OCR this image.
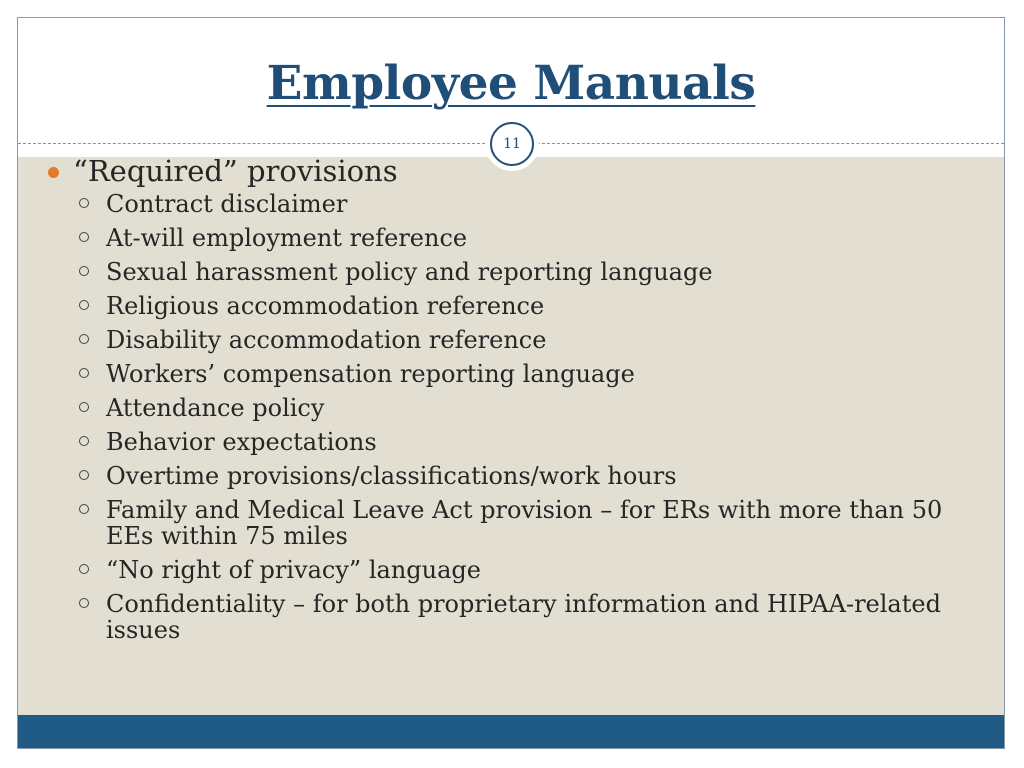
Employee Manuals
11
“Required” provisions
Contract disclaimer
At-will employment reference
Sexual harassment policy and reporting language
Religious accommodation reference
Disability accommodation reference
Workers’ compensation reporting language
Attendance policy
Behavior expectations
Overtime provisions/classifications/work hours
Family and Medical Leave Act provision – for ERs with more than 50 EEs within 75 miles
“No right of privacy” language
Confidentiality – for both proprietary information and HIPAA-related issues
